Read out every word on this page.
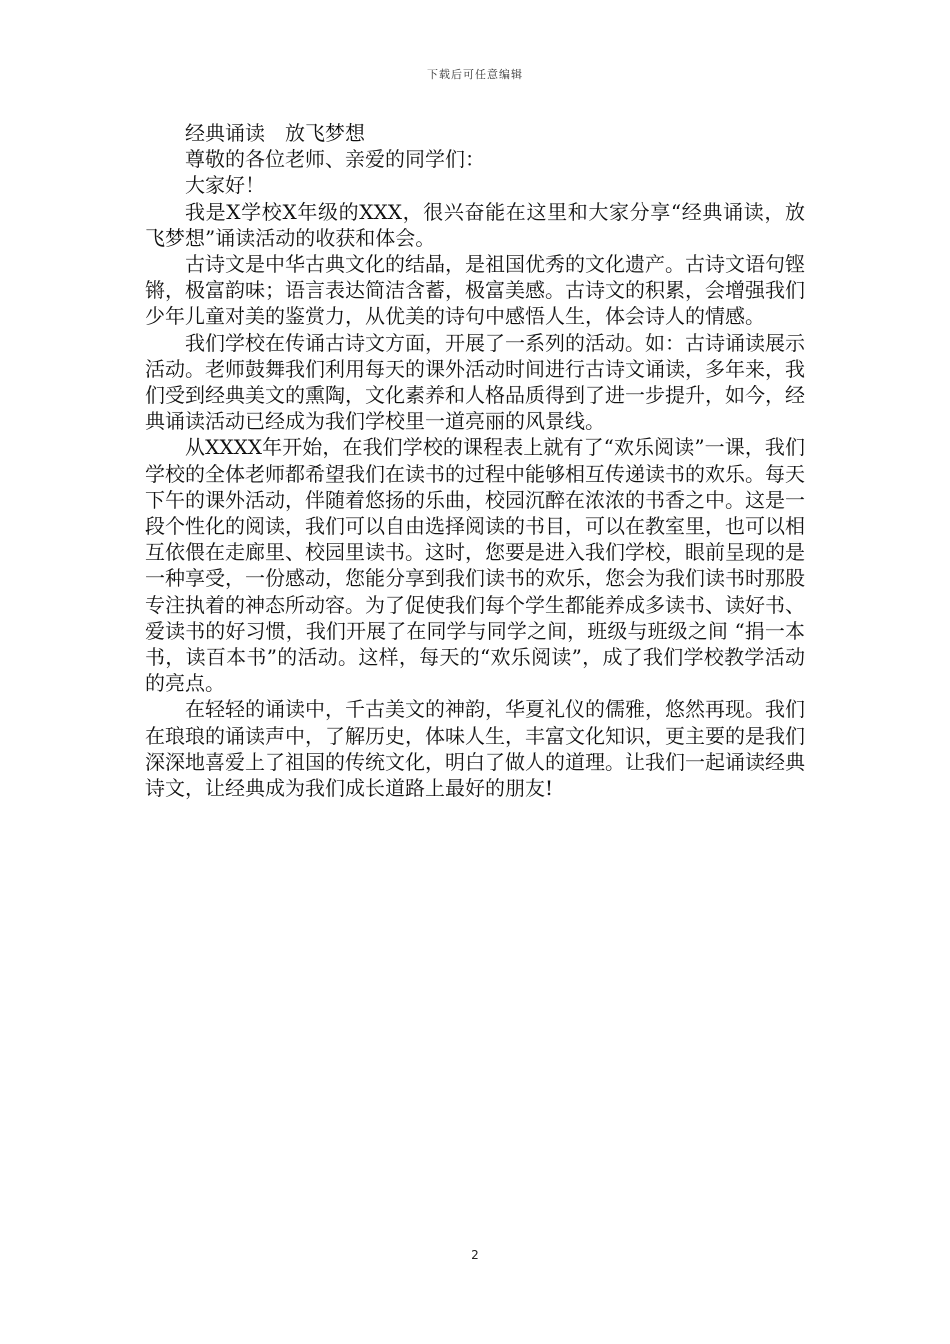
下载后可任意编辑

经典诵读　放飞梦想

尊敬的各位老师、亲爱的同学们：

大家好！

我是X学校X年级的XXX，很兴奋能在这里和大家分享“经典诵读，放飞梦想”诵读活动的收获和体会。

古诗文是中华古典文化的结晶，是祖国优秀的文化遗产。古诗文语句铿锵，极富韵味；语言表达简洁含蓄，极富美感。古诗文的积累，会增强我们少年儿童对美的鉴赏力，从优美的诗句中感悟人生，体会诗人的情感。

我们学校在传诵古诗文方面，开展了一系列的活动。如：古诗诵读展示活动。老师鼓舞我们利用每天的课外活动时间进行古诗文诵读，多年来，我们受到经典美文的熏陶，文化素养和人格品质得到了进一步提升，如今，经典诵读活动已经成为我们学校里一道亮丽的风景线。

从XXXX年开始，在我们学校的课程表上就有了“欢乐阅读”一课，我们学校的全体老师都希望我们在读书的过程中能够相互传递读书的欢乐。每天下午的课外活动，伴随着悠扬的乐曲，校园沉醉在浓浓的书香之中。这是一段个性化的阅读，我们可以自由选择阅读的书目，可以在教室里，也可以相互依偎在走廊里、校园里读书。这时，您要是进入我们学校，眼前呈现的是一种享受，一份感动，您能分享到我们读书的欢乐，您会为我们读书时那股专注执着的神态所动容。为了促使我们每个学生都能养成多读书、读好书、爱读书的好习惯，我们开展了在同学与同学之间，班级与班级之间 “捐一本书，读百本书”的活动。这样，每天的“欢乐阅读”，成了我们学校教学活动的亮点。

在轻轻的诵读中，千古美文的神韵，华夏礼仪的儒雅，悠然再现。我们在琅琅的诵读声中，了解历史，体味人生，丰富文化知识，更主要的是我们深深地喜爱上了祖国的传统文化，明白了做人的道理。让我们一起诵读经典诗文，让经典成为我们成长道路上最好的朋友!

2
